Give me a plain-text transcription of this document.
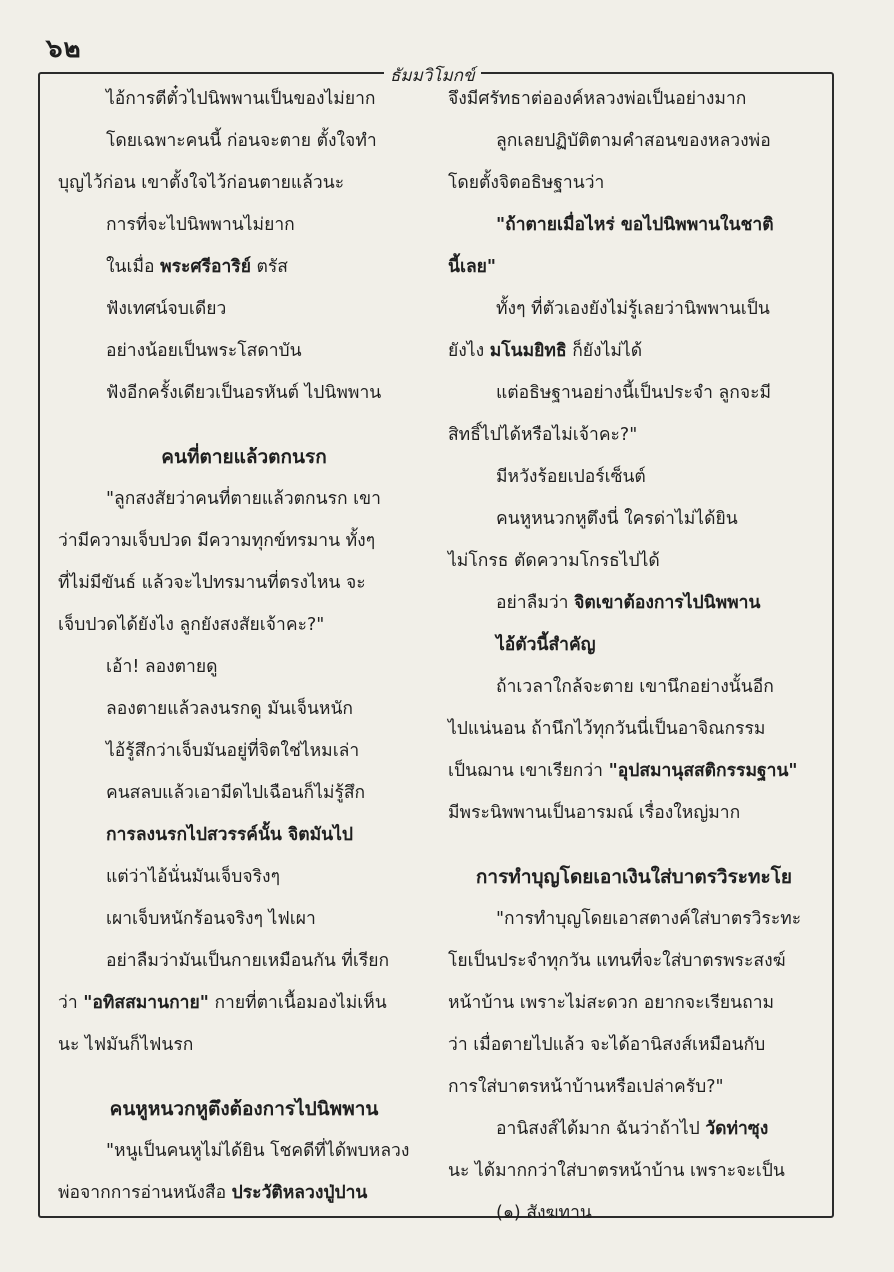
๖๒
ธัมมวิโมกข์

ไอ้การตีตั๋วไปนิพพานเป็นของไม่ยาก

โดยเฉพาะคนนี้ ก่อนจะตาย ตั้งใจทำ

บุญไว้ก่อน เขาตั้งใจไว้ก่อนตายแล้วนะ

การที่จะไปนิพพานไม่ยาก

ในเมื่อ พระศรีอาริย์ ตรัส

ฟังเทศน์จบเดียว

อย่างน้อยเป็นพระโสดาบัน

ฟังอีกครั้งเดียวเป็นอรหันต์ ไปนิพพาน

คนที่ตายแล้วตกนรก

"ลูกสงสัยว่าคนที่ตายแล้วตกนรก เขา

ว่ามีความเจ็บปวด มีความทุกข์ทรมาน ทั้งๆ

ที่ไม่มีขันธ์ แล้วจะไปทรมานที่ตรงไหน จะ

เจ็บปวดได้ยังไง ลูกยังสงสัยเจ้าคะ?"

เอ้า! ลองตายดู

ลองตายแล้วลงนรกดู มันเจ็นหนัก

ไอ้รู้สึกว่าเจ็บมันอยู่ที่จิตใช่ไหมเล่า

คนสลบแล้วเอามีดไปเฉือนก็ไม่รู้สึก

การลงนรกไปสวรรค์นั้น จิตมันไป

แต่ว่าไอ้นั่นมันเจ็บจริงๆ

เผาเจ็บหนักร้อนจริงๆ ไฟเผา

อย่าลืมว่ามันเป็นกายเหมือนกัน ที่เรียก

ว่า "อทิสสมานกาย" กายที่ตาเนื้อมองไม่เห็น

นะ ไฟมันก็ไฟนรก

คนหูหนวกหูตึงต้องการไปนิพพาน

"หนูเป็นคนหูไม่ได้ยิน โชคดีที่ได้พบหลวง

พ่อจากการอ่านหนังสือ ประวัติหลวงปู่ปาน

จึงมีศรัทธาต่อองค์หลวงพ่อเป็นอย่างมาก

ลูกเลยปฏิบัติตามคำสอนของหลวงพ่อ

โดยตั้งจิตอธิษฐานว่า

"ถ้าตายเมื่อไหร่ ขอไปนิพพานในชาติ

นี้เลย"

ทั้งๆ ที่ตัวเองยังไม่รู้เลยว่านิพพานเป็น

ยังไง มโนมยิทธิ ก็ยังไม่ได้

แต่อธิษฐานอย่างนี้เป็นประจำ ลูกจะมี

สิทธิ์ไปได้หรือไม่เจ้าคะ?"

มีหวังร้อยเปอร์เซ็นต์

คนหูหนวกหูตึงนี่ ใครด่าไม่ได้ยิน

ไม่โกรธ ตัดความโกรธไปได้

อย่าลืมว่า จิตเขาต้องการไปนิพพาน

ไอ้ตัวนี้สำคัญ

ถ้าเวลาใกล้จะตาย เขานึกอย่างนั้นอีก

ไปแน่นอน ถ้านึกไว้ทุกวันนี่เป็นอาจิณกรรม

เป็นฌาน เขาเรียกว่า "อุปสมานุสสติกรรมฐาน"

มีพระนิพพานเป็นอารมณ์ เรื่องใหญ่มาก

การทำบุญโดยเอาเงินใส่บาตรวิระทะโย

"การทำบุญโดยเอาสตางค์ใส่บาตรวิระทะ

โยเป็นประจำทุกวัน แทนที่จะใส่บาตรพระสงฆ์

หน้าบ้าน เพราะไม่สะดวก อยากจะเรียนถาม

ว่า เมื่อตายไปแล้ว จะได้อานิสงส์เหมือนกับ

การใส่บาตรหน้าบ้านหรือเปล่าครับ?"

อานิสงส์ได้มาก ฉันว่าถ้าไป วัดท่าซุง

นะ ได้มากกว่าใส่บาตรหน้าบ้าน เพราะจะเป็น

(๑) สังฆทาน
